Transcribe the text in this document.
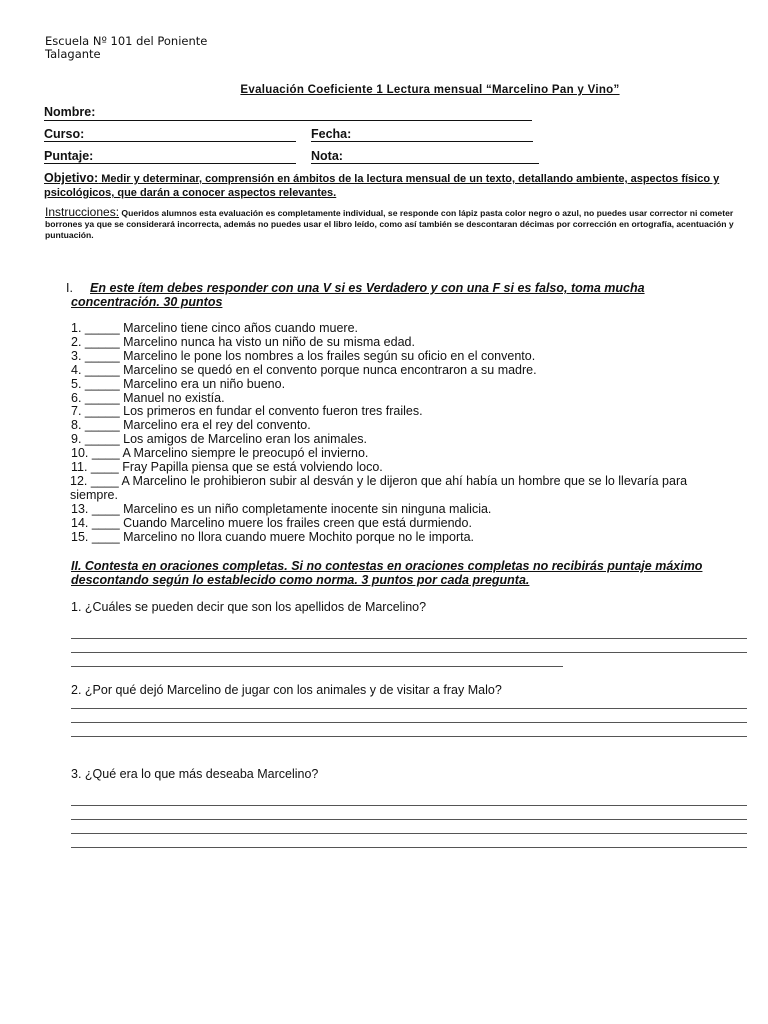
Escuela Nº 101 del Poniente
Talagante
Evaluación Coeficiente 1 Lectura mensual “Marcelino Pan y Vino”
Nombre:
Curso:	Fecha:
Puntaje:	Nota:
Objetivo: Medir y determinar, comprensión en ámbitos de la lectura mensual de un texto, detallando ambiente, aspectos físico y psicológicos, que darán a conocer aspectos relevantes.
Instrucciones: Queridos alumnos esta evaluación es completamente individual, se responde con lápiz pasta color negro o azul, no puedes usar corrector ni cometer borrones ya que se considerará incorrecta, además no puedes usar el libro leído, como así también se descontaran décimas por corrección en ortografía, acentuación y puntuación.
I.	En este ítem debes responder con una V si es Verdadero y con una F si es falso, toma mucha concentración. 30 puntos
1. _____ Marcelino tiene cinco años cuando muere.
2. _____ Marcelino nunca ha visto un niño de su misma edad.
3. _____ Marcelino le pone los nombres a los frailes según su oficio en el convento.
4. _____ Marcelino se quedó en el convento porque nunca encontraron a su madre.
5. _____ Marcelino era un niño bueno.
6. _____ Manuel no existía.
7. _____ Los primeros en fundar el convento fueron tres frailes.
8. _____ Marcelino era el rey del convento.
9. _____ Los amigos de Marcelino eran los animales.
10. ____ A Marcelino siempre le preocupó el invierno.
11. ____ Fray Papilla piensa que se está volviendo loco.
12. ____ A Marcelino le prohibieron subir al desván y le dijeron que ahí había un hombre que se lo llevaría para siempre.
13. ____ Marcelino es un niño completamente inocente sin ninguna malicia.
14. ____ Cuando Marcelino muere los frailes creen que está durmiendo.
15. ____ Marcelino no llora cuando muere Mochito porque no le importa.
II. Contesta en oraciones completas. Si no contestas en oraciones completas no recibirás puntaje máximo descontando según lo establecido como norma. 3 puntos por cada pregunta.
1. ¿Cuáles se pueden decir que son los apellidos de Marcelino?
2. ¿Por qué dejó Marcelino de jugar con los animales y de visitar a fray Malo?
3. ¿Qué era lo que más deseaba Marcelino?
